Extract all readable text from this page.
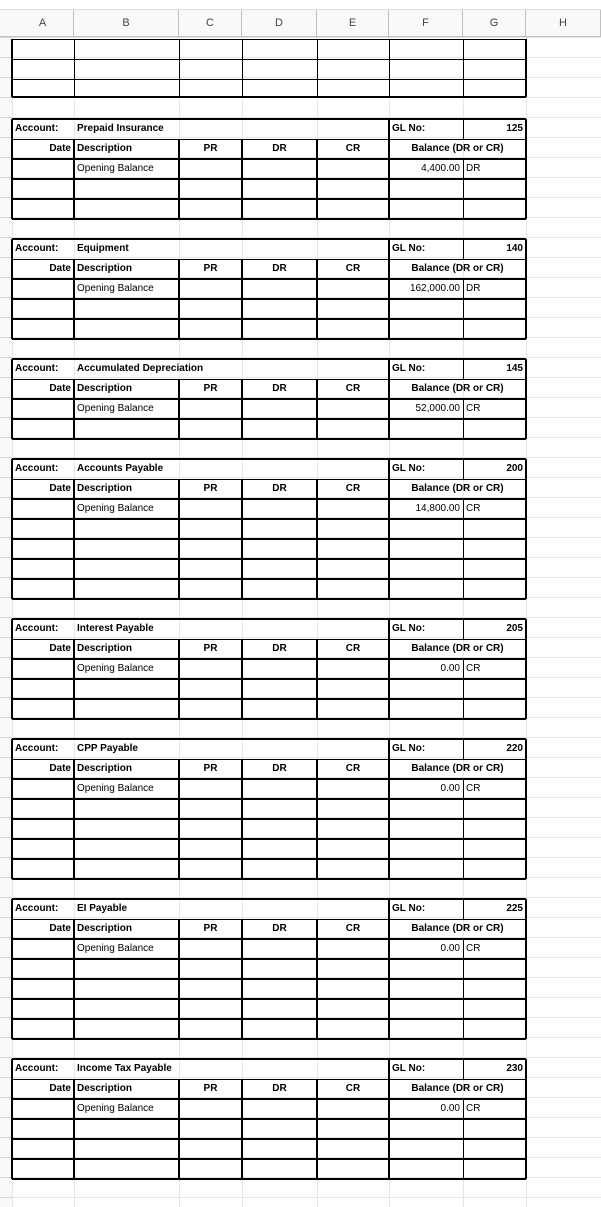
A	B	C	D	E	F	G	H
Account:	Prepaid Insurance	GL No:	125
Date Description	PR	DR	CR	Balance (DR or CR)
Opening Balance	4,400.00 DR
Account:	Equipment	GL No:	140
Date Description	PR	DR	CR	Balance (DR or CR)
Opening Balance	162,000.00 DR
Account:	Accumulated Depreciation	GL No:	145
Date Description	PR	DR	CR	Balance (DR or CR)
Opening Balance	52,000.00 CR
Account:	Accounts Payable	GL No:	200
Date Description	PR	DR	CR	Balance (DR or CR)
Opening Balance	14,800.00 CR
Account:	Interest Payable	GL No:	205
Date Description	PR	DR	CR	Balance (DR or CR)
Opening Balance	0.00 CR
Account:	CPP Payable	GL No:	220
Date Description	PR	DR	CR	Balance (DR or CR)
Opening Balance	0.00 CR
Account:	EI Payable	GL No:	225
Date Description	PR	DR	CR	Balance (DR or CR)
Opening Balance	0.00 CR
Account:	Income Tax Payable	GL No:	230
Date Description	PR	DR	CR	Balance (DR or CR)
Opening Balance	0.00 CR
